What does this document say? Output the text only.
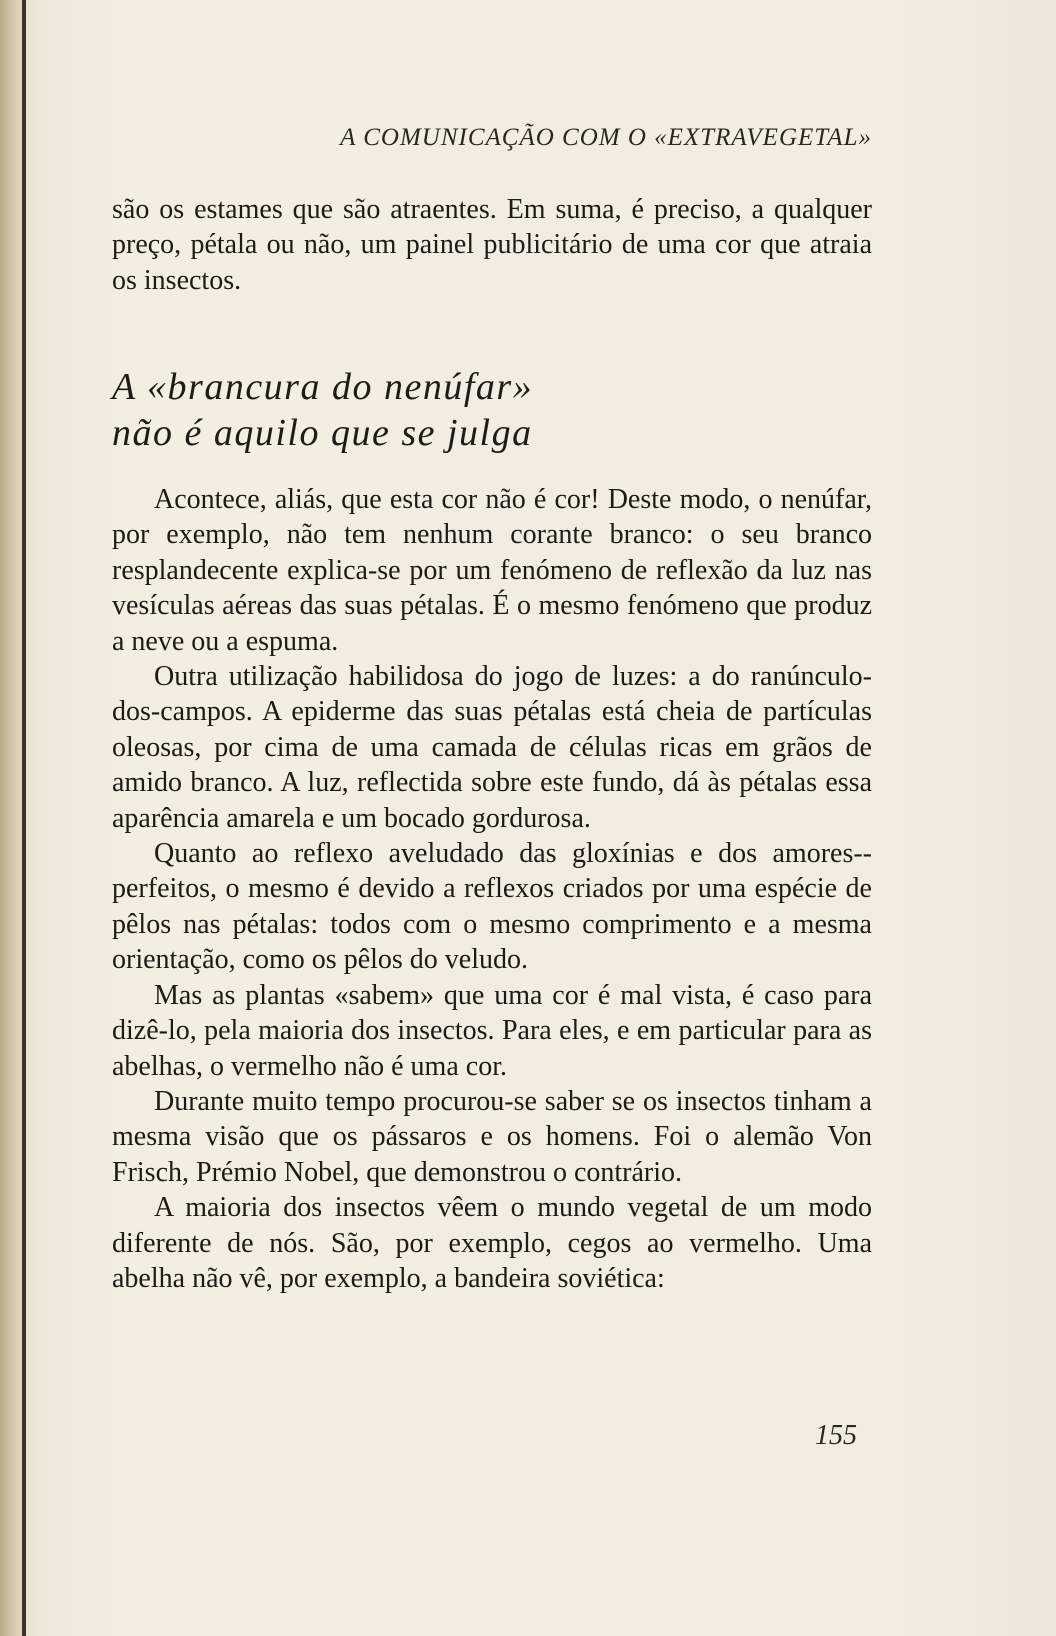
A COMUNICAÇÃO COM O «EXTRAVEGETAL»

são os estames que são atraentes. Em suma, é preciso, a qualquer preço, pétala ou não, um painel publicitário de uma cor que atraia os insectos.

A «brancura do nenúfar»
não é aquilo que se julga

Acontece, aliás, que esta cor não é cor! Deste modo, o nenúfar, por exemplo, não tem nenhum corante branco: o seu branco resplandecente explica-se por um fenómeno de reflexão da luz nas vesículas aéreas das suas pétalas. É o mesmo fenómeno que produz a neve ou a espuma.

Outra utilização habilidosa do jogo de luzes: a do ranúnculo-dos-campos. A epiderme das suas pétalas está cheia de partículas oleosas, por cima de uma camada de células ricas em grãos de amido branco. A luz, reflectida sobre este fundo, dá às pétalas essa aparência amarela e um bocado gordurosa.

Quanto ao reflexo aveludado das gloxínias e dos amores--perfeitos, o mesmo é devido a reflexos criados por uma espécie de pêlos nas pétalas: todos com o mesmo comprimento e a mesma orientação, como os pêlos do veludo.

Mas as plantas «sabem» que uma cor é mal vista, é caso para dizê-lo, pela maioria dos insectos. Para eles, e em particular para as abelhas, o vermelho não é uma cor.

Durante muito tempo procurou-se saber se os insectos tinham a mesma visão que os pássaros e os homens. Foi o alemão Von Frisch, Prémio Nobel, que demonstrou o contrário.

A maioria dos insectos vêem o mundo vegetal de um modo diferente de nós. São, por exemplo, cegos ao vermelho. Uma abelha não vê, por exemplo, a bandeira soviética:

155
